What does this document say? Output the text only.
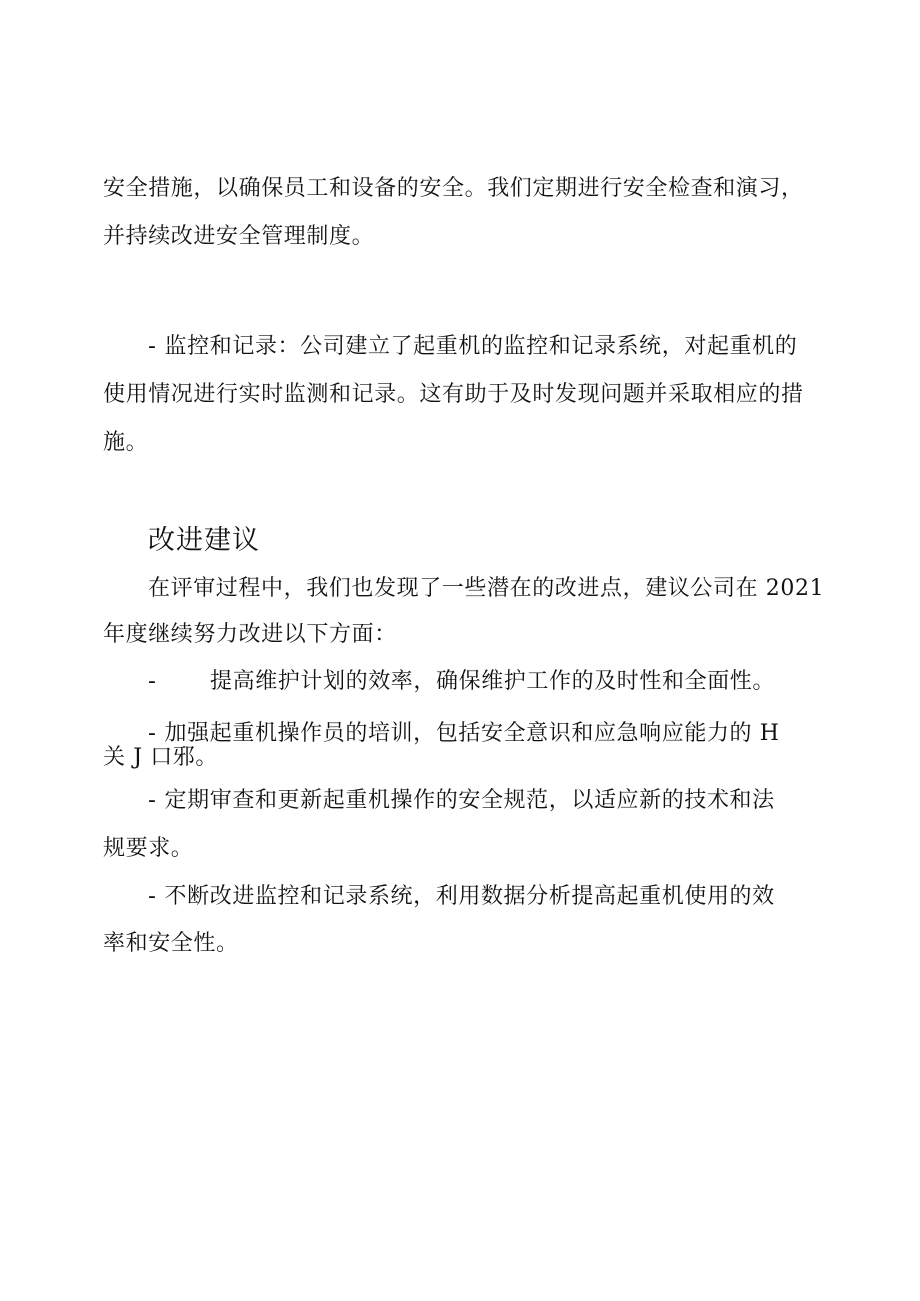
安全措施，以确保员工和设备的安全。我们定期进行安全检查和演习，
并持续改进安全管理制度。
- 监控和记录：公司建立了起重机的监控和记录系统，对起重机的
使用情况进行实时监测和记录。这有助于及时发现问题并采取相应的措
施。
改进建议
在评审过程中，我们也发现了一些潜在的改进点，建议公司在 2021
年度继续努力改进以下方面：
- 提高维护计划的效率，确保维护工作的及时性和全面性。
- 加强起重机操作员的培训，包括安全意识和应急响应能力的 H
关 J 口邪。
- 定期审查和更新起重机操作的安全规范，以适应新的技术和法
规要求。
- 不断改进监控和记录系统，利用数据分析提高起重机使用的效
率和安全性。
